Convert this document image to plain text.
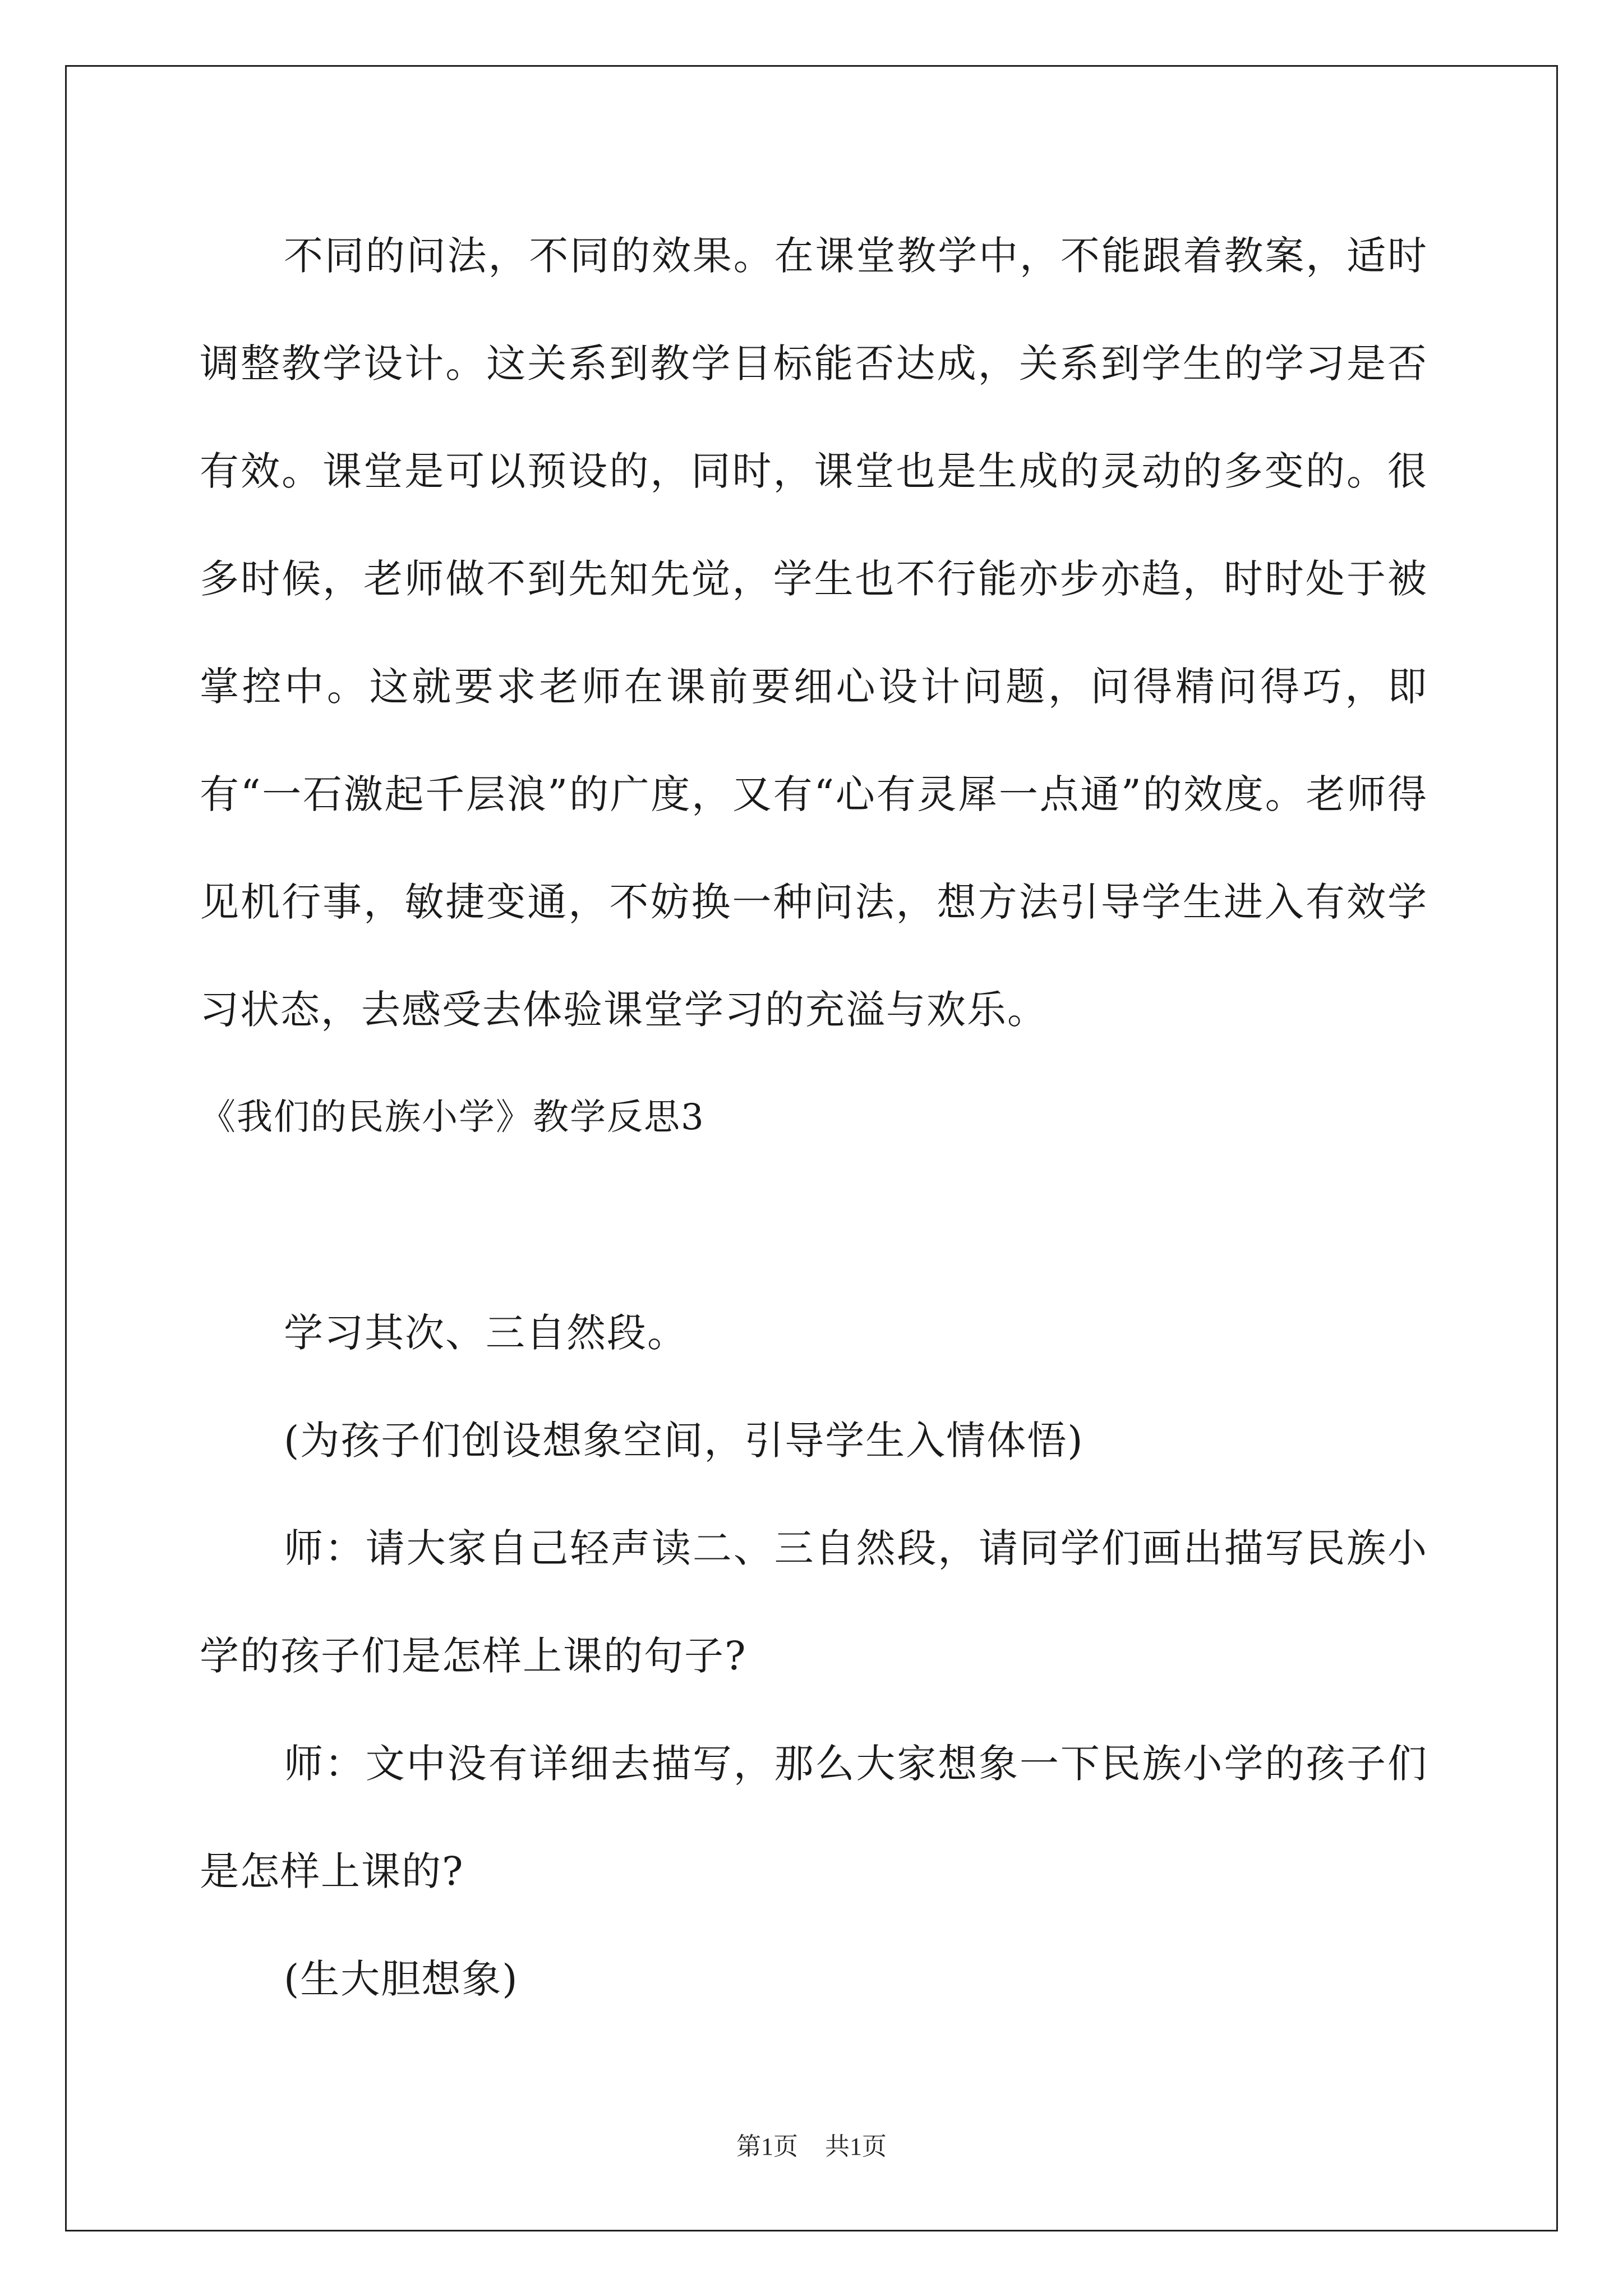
不同的问法，不同的效果。在课堂教学中，不能跟着教案，适时调整教学设计。这关系到教学目标能否达成，关系到学生的学习是否有效。课堂是可以预设的，同时，课堂也是生成的灵动的多变的。很多时候，老师做不到先知先觉，学生也不行能亦步亦趋，时时处于被掌控中。这就要求老师在课前要细心设计问题，问得精问得巧，即有“一石激起千层浪”的广度，又有“心有灵犀一点通”的效度。老师得见机行事，敏捷变通，不妨换一种问法，想方法引导学生进入有效学习状态，去感受去体验课堂学习的充溢与欢乐。

《我们的民族小学》教学反思3

学习其次、三自然段。

(为孩子们创设想象空间，引导学生入情体悟)

师：请大家自己轻声读二、三自然段，请同学们画出描写民族小学的孩子们是怎样上课的句子?

师：文中没有详细去描写，那么大家想象一下民族小学的孩子们是怎样上课的?

(生大胆想象)

第1页 共1页
